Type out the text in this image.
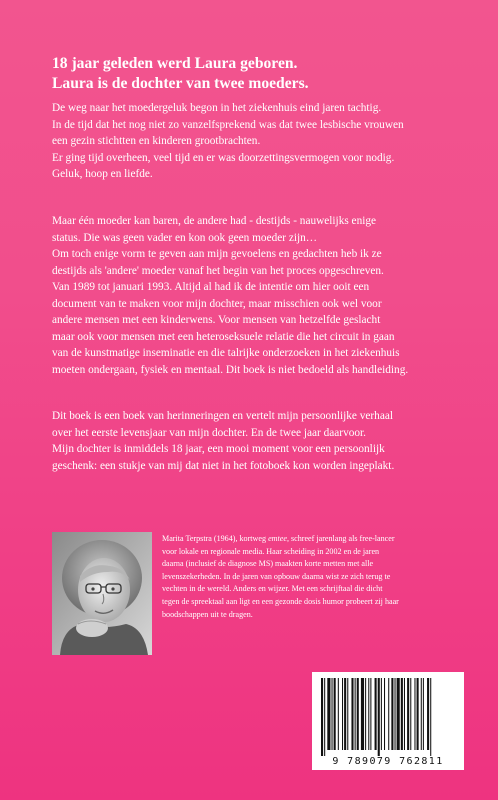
18 jaar geleden werd Laura geboren.
Laura is de dochter van twee moeders.
De weg naar het moedergeluk begon in het ziekenhuis eind jaren tachtig.
In de tijd dat het nog niet zo vanzelfsprekend was dat twee lesbische vrouwen
een gezin stichtten en kinderen grootbrachten.
Er ging tijd overheen, veel tijd en er was doorzettingsvermogen voor nodig.
Geluk, hoop en liefde.
Maar één moeder kan baren, de andere had - destijds - nauwelijks enige
status. Die was geen vader en kon ook geen moeder zijn…
Om toch enige vorm te geven aan mijn gevoelens en gedachten heb ik ze
destijds als 'andere' moeder vanaf het begin van het proces opgeschreven.
Van 1989 tot januari 1993. Altijd al had ik de intentie om hier ooit een
document van te maken voor mijn dochter, maar misschien ook wel voor
andere mensen met een kinderwens. Voor mensen van hetzelfde geslacht
maar ook voor mensen met een heteroseksuele relatie die het circuit in gaan
van de kunstmatige inseminatie en die talrijke onderzoeken in het ziekenhuis
moeten ondergaan, fysiek en mentaal. Dit boek is niet bedoeld als handleiding.
Dit boek is een boek van herinneringen en vertelt mijn persoonlijke verhaal
over het eerste levensjaar van mijn dochter. En de twee jaar daarvoor.
Mijn dochter is inmiddels 18 jaar, een mooi moment voor een persoonlijk
geschenk: een stukje van mij dat niet in het fotoboek kon worden ingeplakt.
Marita Terpstra (1964), kortweg emtee, schreef jarenlang als free-lancer
voor lokale en regionale media. Haar scheiding in 2002 en de jaren
daarna (inclusief de diagnose MS) maakten korte metten met alle
levenszekerheden. In de jaren van opbouw daarna wist ze zich terug te
vechten in de wereld. Anders en wijzer. Met een schrijftaal die dicht
tegen de spreektaal aan ligt en een gezonde dosis humor probeert zij haar
boodschappen uit te dragen.
9 789079 762811
